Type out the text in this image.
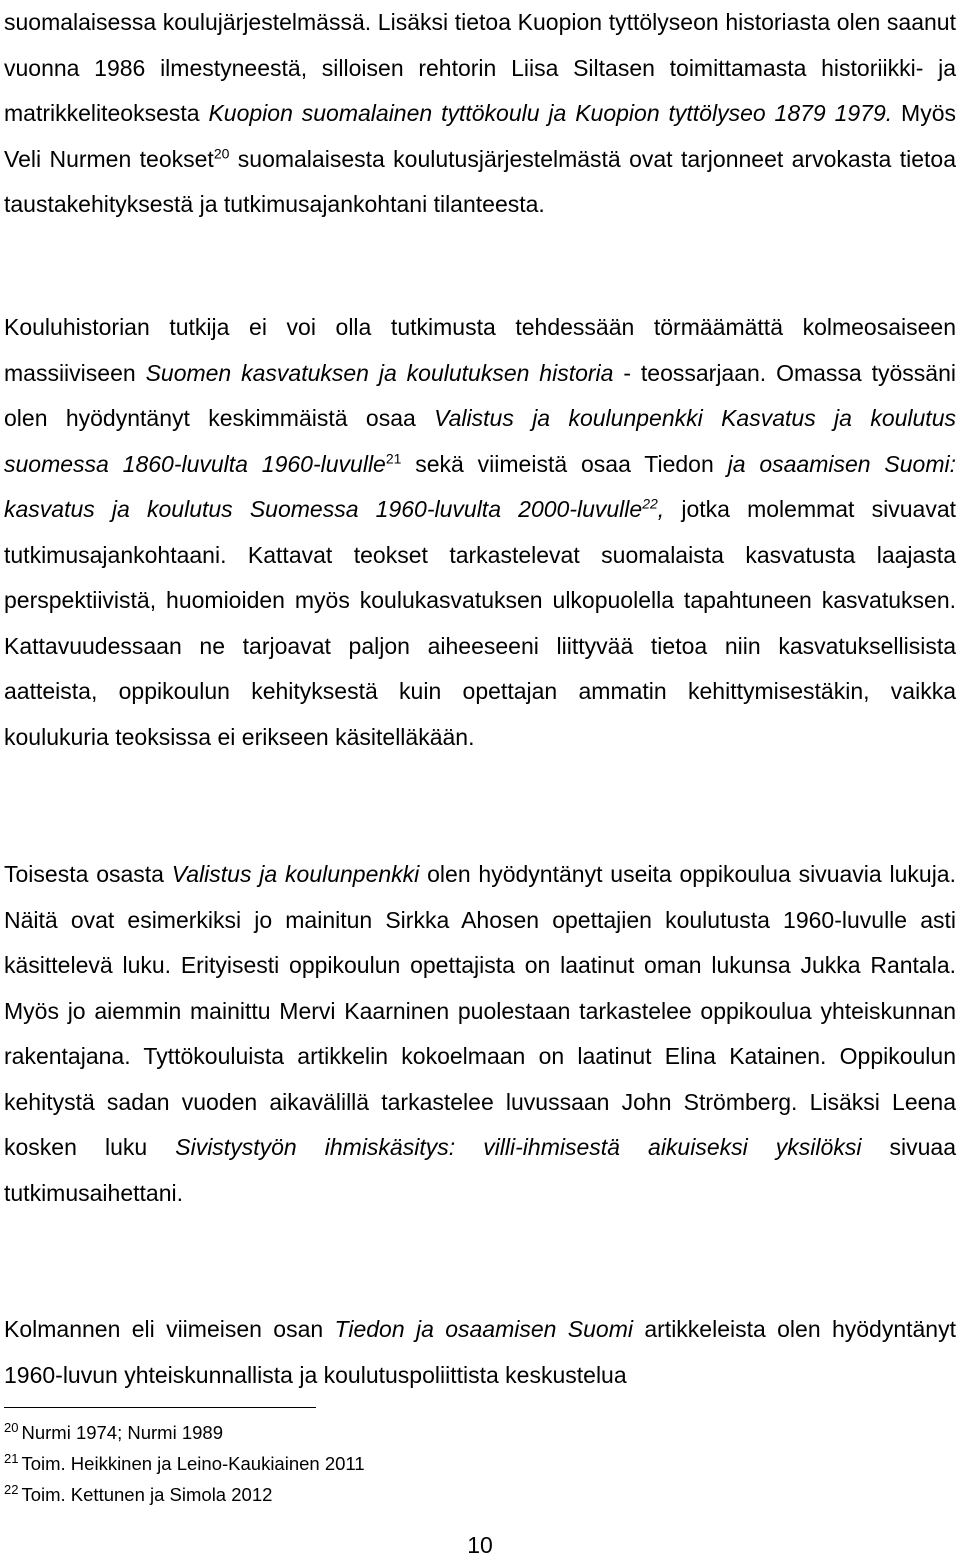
suomalaisessa koulujärjestelmässä. Lisäksi tietoa Kuopion tyttölyseon historiasta olen saanut vuonna 1986 ilmestyneestä, silloisen rehtorin Liisa Siltasen toimittamasta historiikki- ja matrikkeliteoksesta Kuopion suomalainen tyttökoulu ja Kuopion tyttölyseo 1879 1979. Myös Veli Nurmen teokset$^{20}$ suomalaisesta koulutusjärjestelmästä ovat tarjonneet arvokasta tietoa taustakehityksestä ja tutkimusajankohtani tilanteesta.

Kouluhistorian tutkija ei voi olla tutkimusta tehdessään törmäämättä kolmeosaiseen massiiviseen Suomen kasvatuksen ja koulutuksen historia - teossarjaan. Omassa työssäni olen hyödyntänyt keskimmäistä osaa Valistus ja koulunpenkki Kasvatus ja koulutus suomessa 1860-luvulta 1960-luvulle$^{21}$ sekä viimeistä osaa Tiedon ja osaamisen Suomi: kasvatus ja koulutus Suomessa 1960-luvulta 2000-luvulle$^{22}$, jotka molemmat sivuavat tutkimusajankohtaani. Kattavat teokset tarkastelevat suomalaista kasvatusta laajasta perspektiivistä, huomioiden myös koulukasvatuksen ulkopuolella tapahtuneen kasvatuksen. Kattavuudessaan ne tarjoavat paljon aiheeseeni liittyvää tietoa niin kasvatuksellisista aatteista, oppikoulun kehityksestä kuin opettajan ammatin kehittymisestäkin, vaikka koulukuria teoksissa ei erikseen käsitelläkään.

Toisesta osasta Valistus ja koulunpenkki olen hyödyntänyt useita oppikoulua sivuavia lukuja. Näitä ovat esimerkiksi jo mainitun Sirkka Ahosen opettajien koulutusta 1960-luvulle asti käsittelevä luku. Erityisesti oppikoulun opettajista on laatinut oman lukunsa Jukka Rantala. Myös jo aiemmin mainittu Mervi Kaarninen puolestaan tarkastelee oppikoulua yhteiskunnan rakentajana. Tyttökouluista artikkelin kokoelmaan on laatinut Elina Katainen. Oppikoulun kehitystä sadan vuoden aikavälillä tarkastelee luvussaan John Strömberg. Lisäksi Leena kosken luku Sivistystyön ihmiskäsitys: villi-ihmisestä aikuiseksi yksilöksi sivuaa tutkimusaihettani.

Kolmannen eli viimeisen osan Tiedon ja osaamisen Suomi artikkeleista olen hyödyntänyt 1960-luvun yhteiskunnallista ja koulutuspoliittista keskustelua

$^{20}$ Nurmi 1974; Nurmi 1989
$^{21}$ Toim. Heikkinen ja Leino-Kaukiainen 2011
$^{22}$ Toim. Kettunen ja Simola 2012
10
